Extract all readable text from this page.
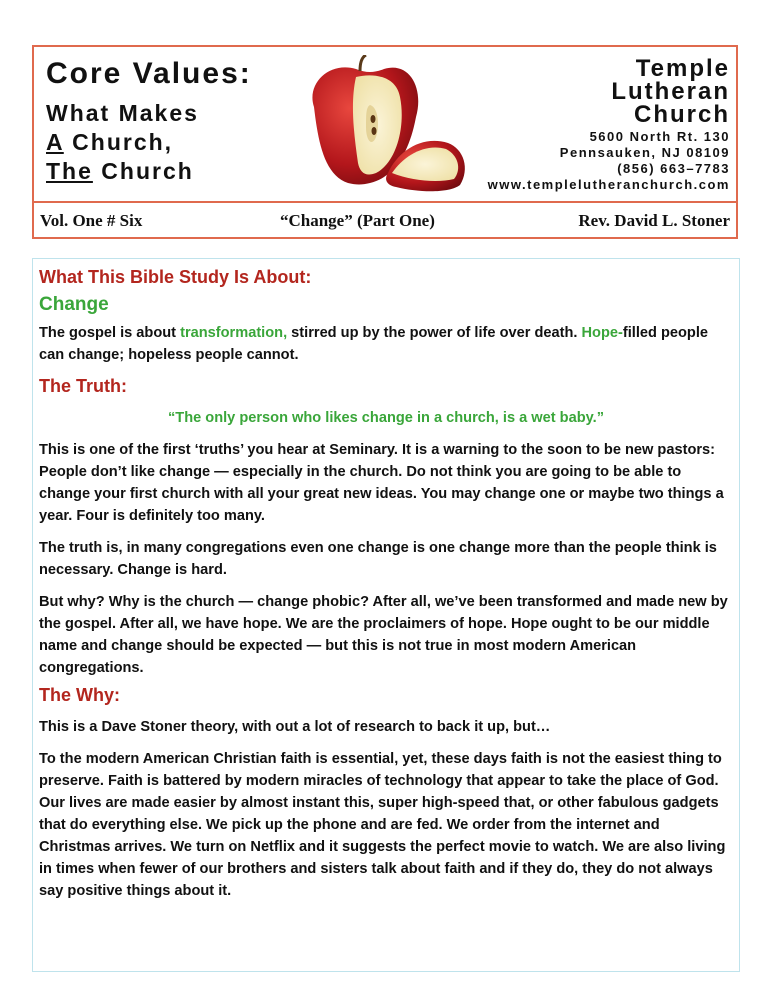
Core Values:
What Makes
A Church,
The Church
Temple
Lutheran
Church
5600 North Rt. 130
Pennsauken, NJ 08109
(856) 663–7783
www.templelutheranchurch.com
Vol. One # Six	“Change” (Part One)	Rev. David L. Stoner
What This Bible Study Is About:
Change

The gospel is about transformation, stirred up by the power of life over death. Hope-filled people can change; hopeless people cannot.

The Truth:

“The only person who likes change in a church, is a wet baby.”

This is one of the first ‘truths’ you hear at Seminary. It is a warning to the soon to be new pastors: People don’t like change — especially in the church. Do not think you are going to be able to change your first church with all your great new ideas. You may change one or maybe two things a year. Four is definitely too many.

The truth is, in many congregations even one change is one change more than the people think is necessary. Change is hard.

But why? Why is the church — change phobic? After all, we’ve been transformed and made new by the gospel. After all, we have hope. We are the proclaimers of hope. Hope ought to be our middle name and change should be expected — but this is not true in most modern American congregations.

The Why:

This is a Dave Stoner theory, with out a lot of research to back it up, but…

To the modern American Christian faith is essential, yet, these days faith is not the easiest thing to preserve. Faith is battered by modern miracles of technology that appear to take the place of God. Our lives are made easier by almost instant this, super high-speed that, or other fabulous gadgets that do everything else. We pick up the phone and are fed. We order from the internet and Christmas arrives. We turn on Netflix and it suggests the perfect movie to watch. We are also living in times when fewer of our brothers and sisters talk about faith and if they do, they do not always say positive things about it.
